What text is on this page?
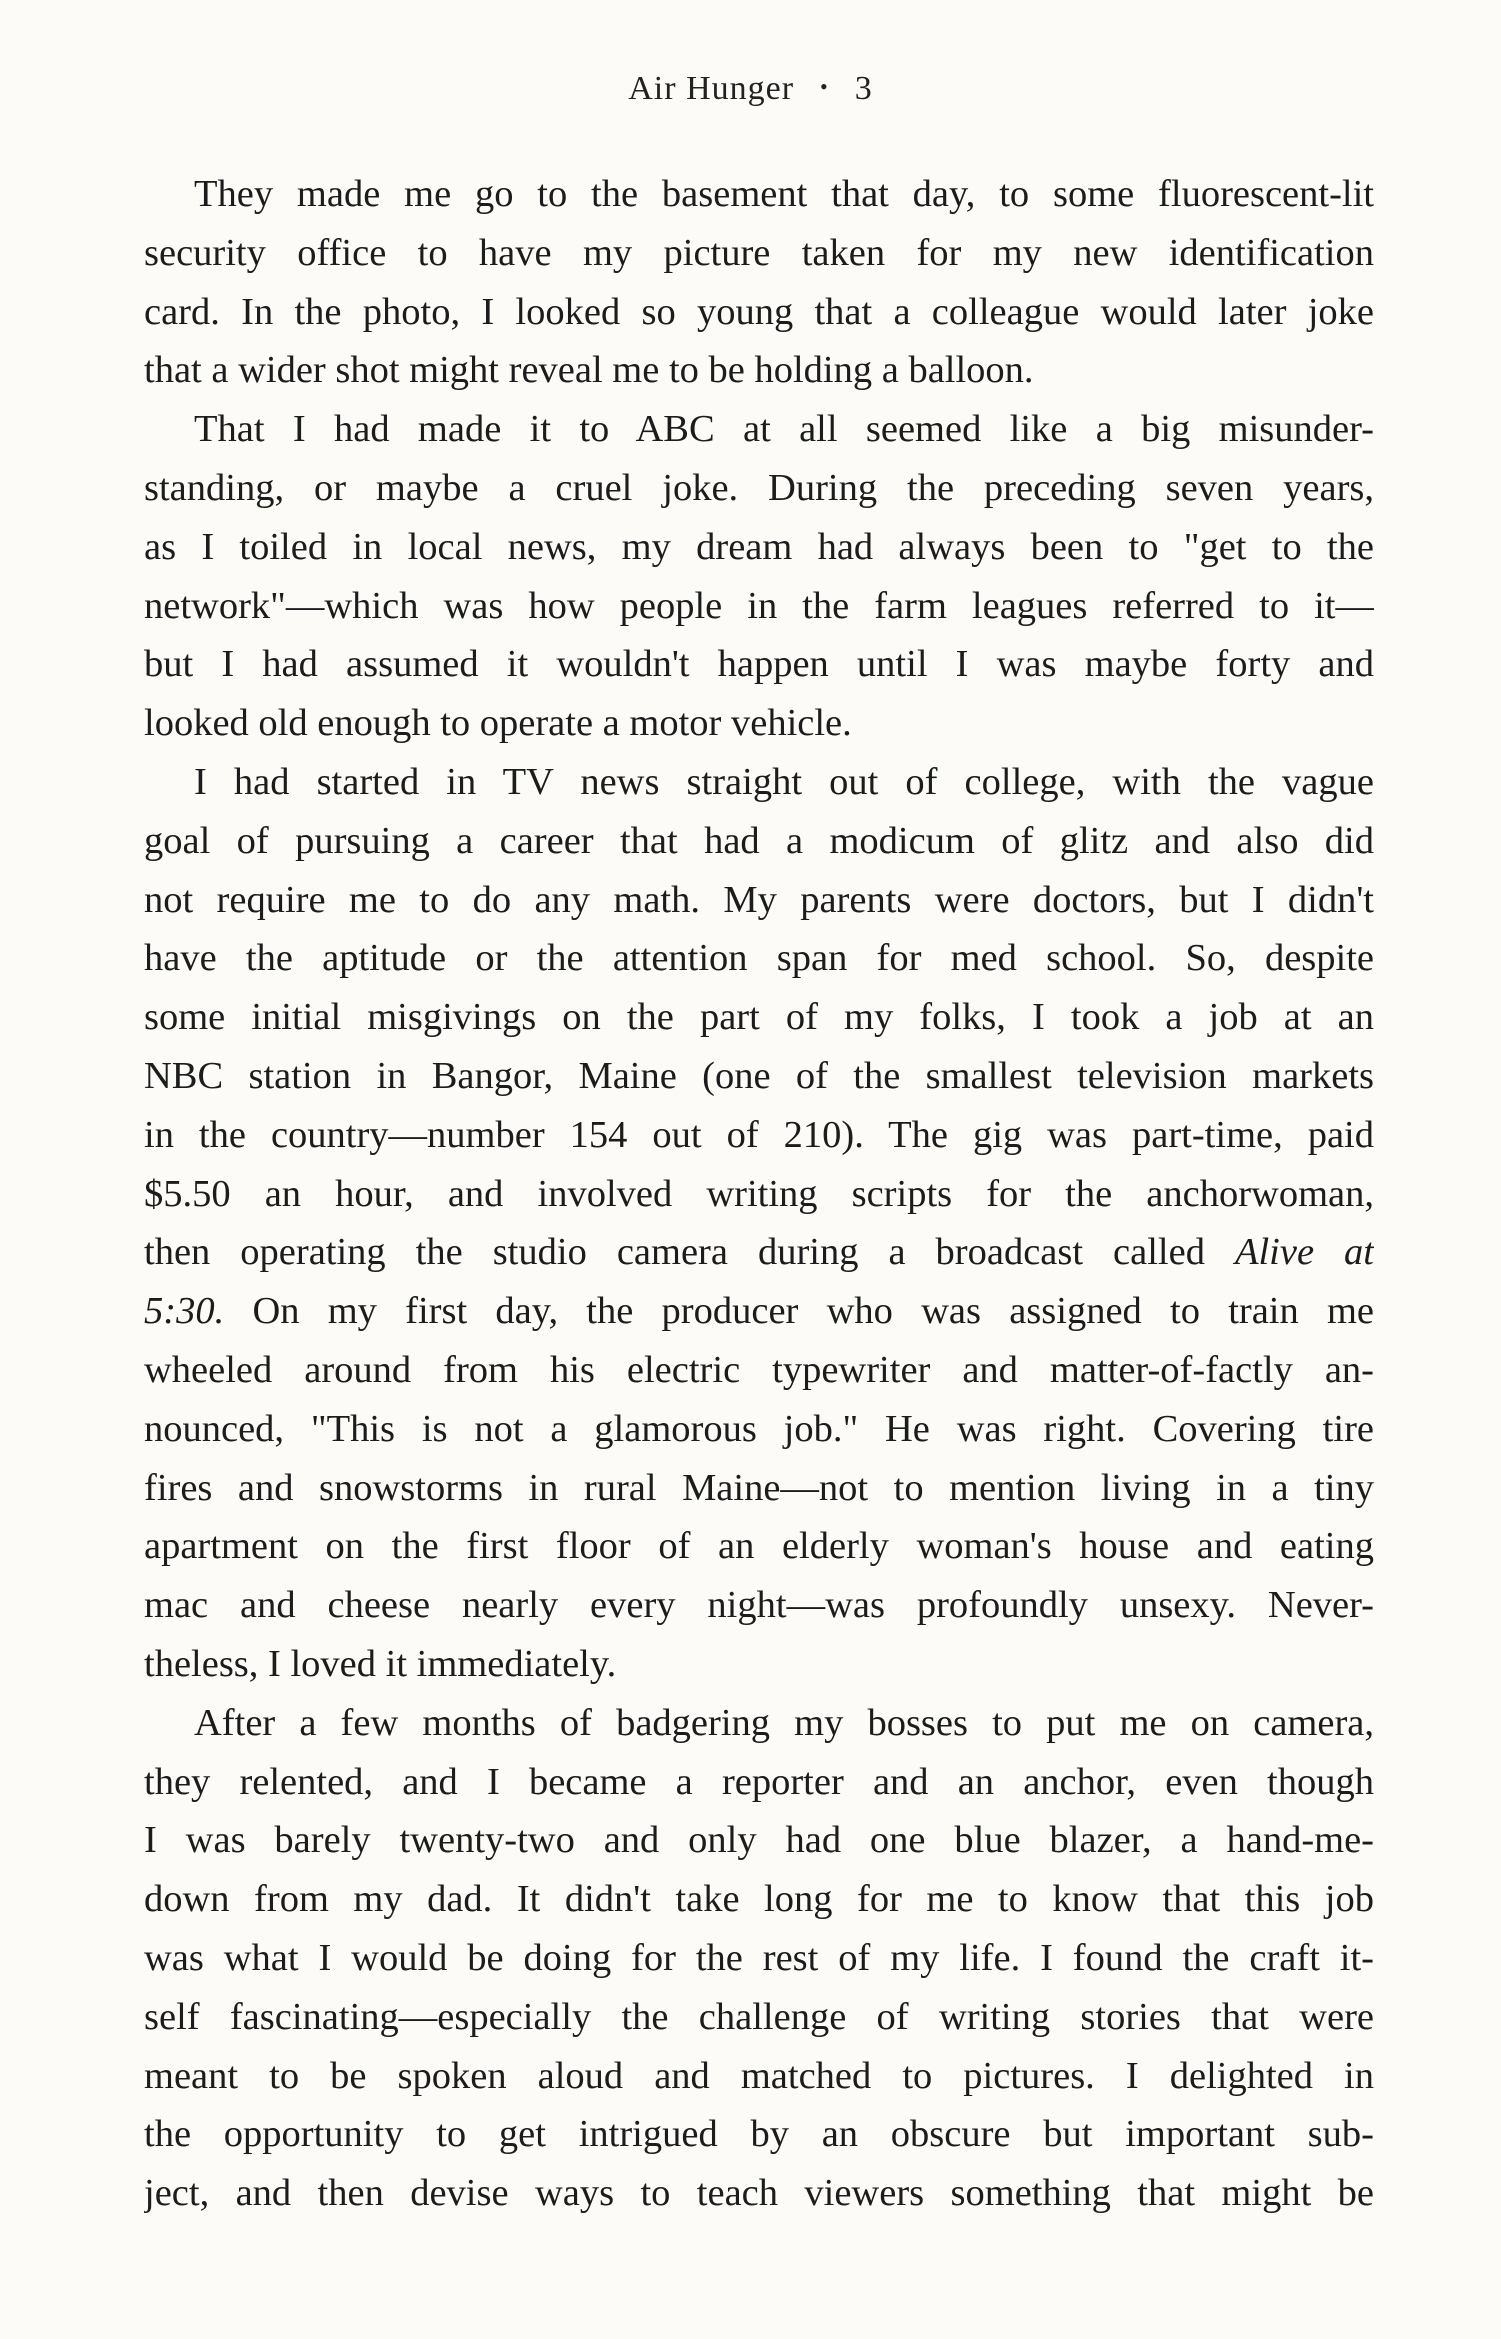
Air Hunger • 3
They made me go to the basement that day, to some fluorescent-lit
security office to have my picture taken for my new identification
card. In the photo, I looked so young that a colleague would later joke
that a wider shot might reveal me to be holding a balloon.
That I had made it to ABC at all seemed like a big misunder-
standing, or maybe a cruel joke. During the preceding seven years,
as I toiled in local news, my dream had always been to "get to the
network"—which was how people in the farm leagues referred to it—
but I had assumed it wouldn't happen until I was maybe forty and
looked old enough to operate a motor vehicle.
I had started in TV news straight out of college, with the vague
goal of pursuing a career that had a modicum of glitz and also did
not require me to do any math. My parents were doctors, but I didn't
have the aptitude or the attention span for med school. So, despite
some initial misgivings on the part of my folks, I took a job at an
NBC station in Bangor, Maine (one of the smallest television markets
in the country—number 154 out of 210). The gig was part-time, paid
$5.50 an hour, and involved writing scripts for the anchorwoman,
then operating the studio camera during a broadcast called Alive at
5:30. On my first day, the producer who was assigned to train me
wheeled around from his electric typewriter and matter-of-factly an-
nounced, "This is not a glamorous job." He was right. Covering tire
fires and snowstorms in rural Maine—not to mention living in a tiny
apartment on the first floor of an elderly woman's house and eating
mac and cheese nearly every night—was profoundly unsexy. Never-
theless, I loved it immediately.
After a few months of badgering my bosses to put me on camera,
they relented, and I became a reporter and an anchor, even though
I was barely twenty-two and only had one blue blazer, a hand-me-
down from my dad. It didn't take long for me to know that this job
was what I would be doing for the rest of my life. I found the craft it-
self fascinating—especially the challenge of writing stories that were
meant to be spoken aloud and matched to pictures. I delighted in
the opportunity to get intrigued by an obscure but important sub-
ject, and then devise ways to teach viewers something that might be
